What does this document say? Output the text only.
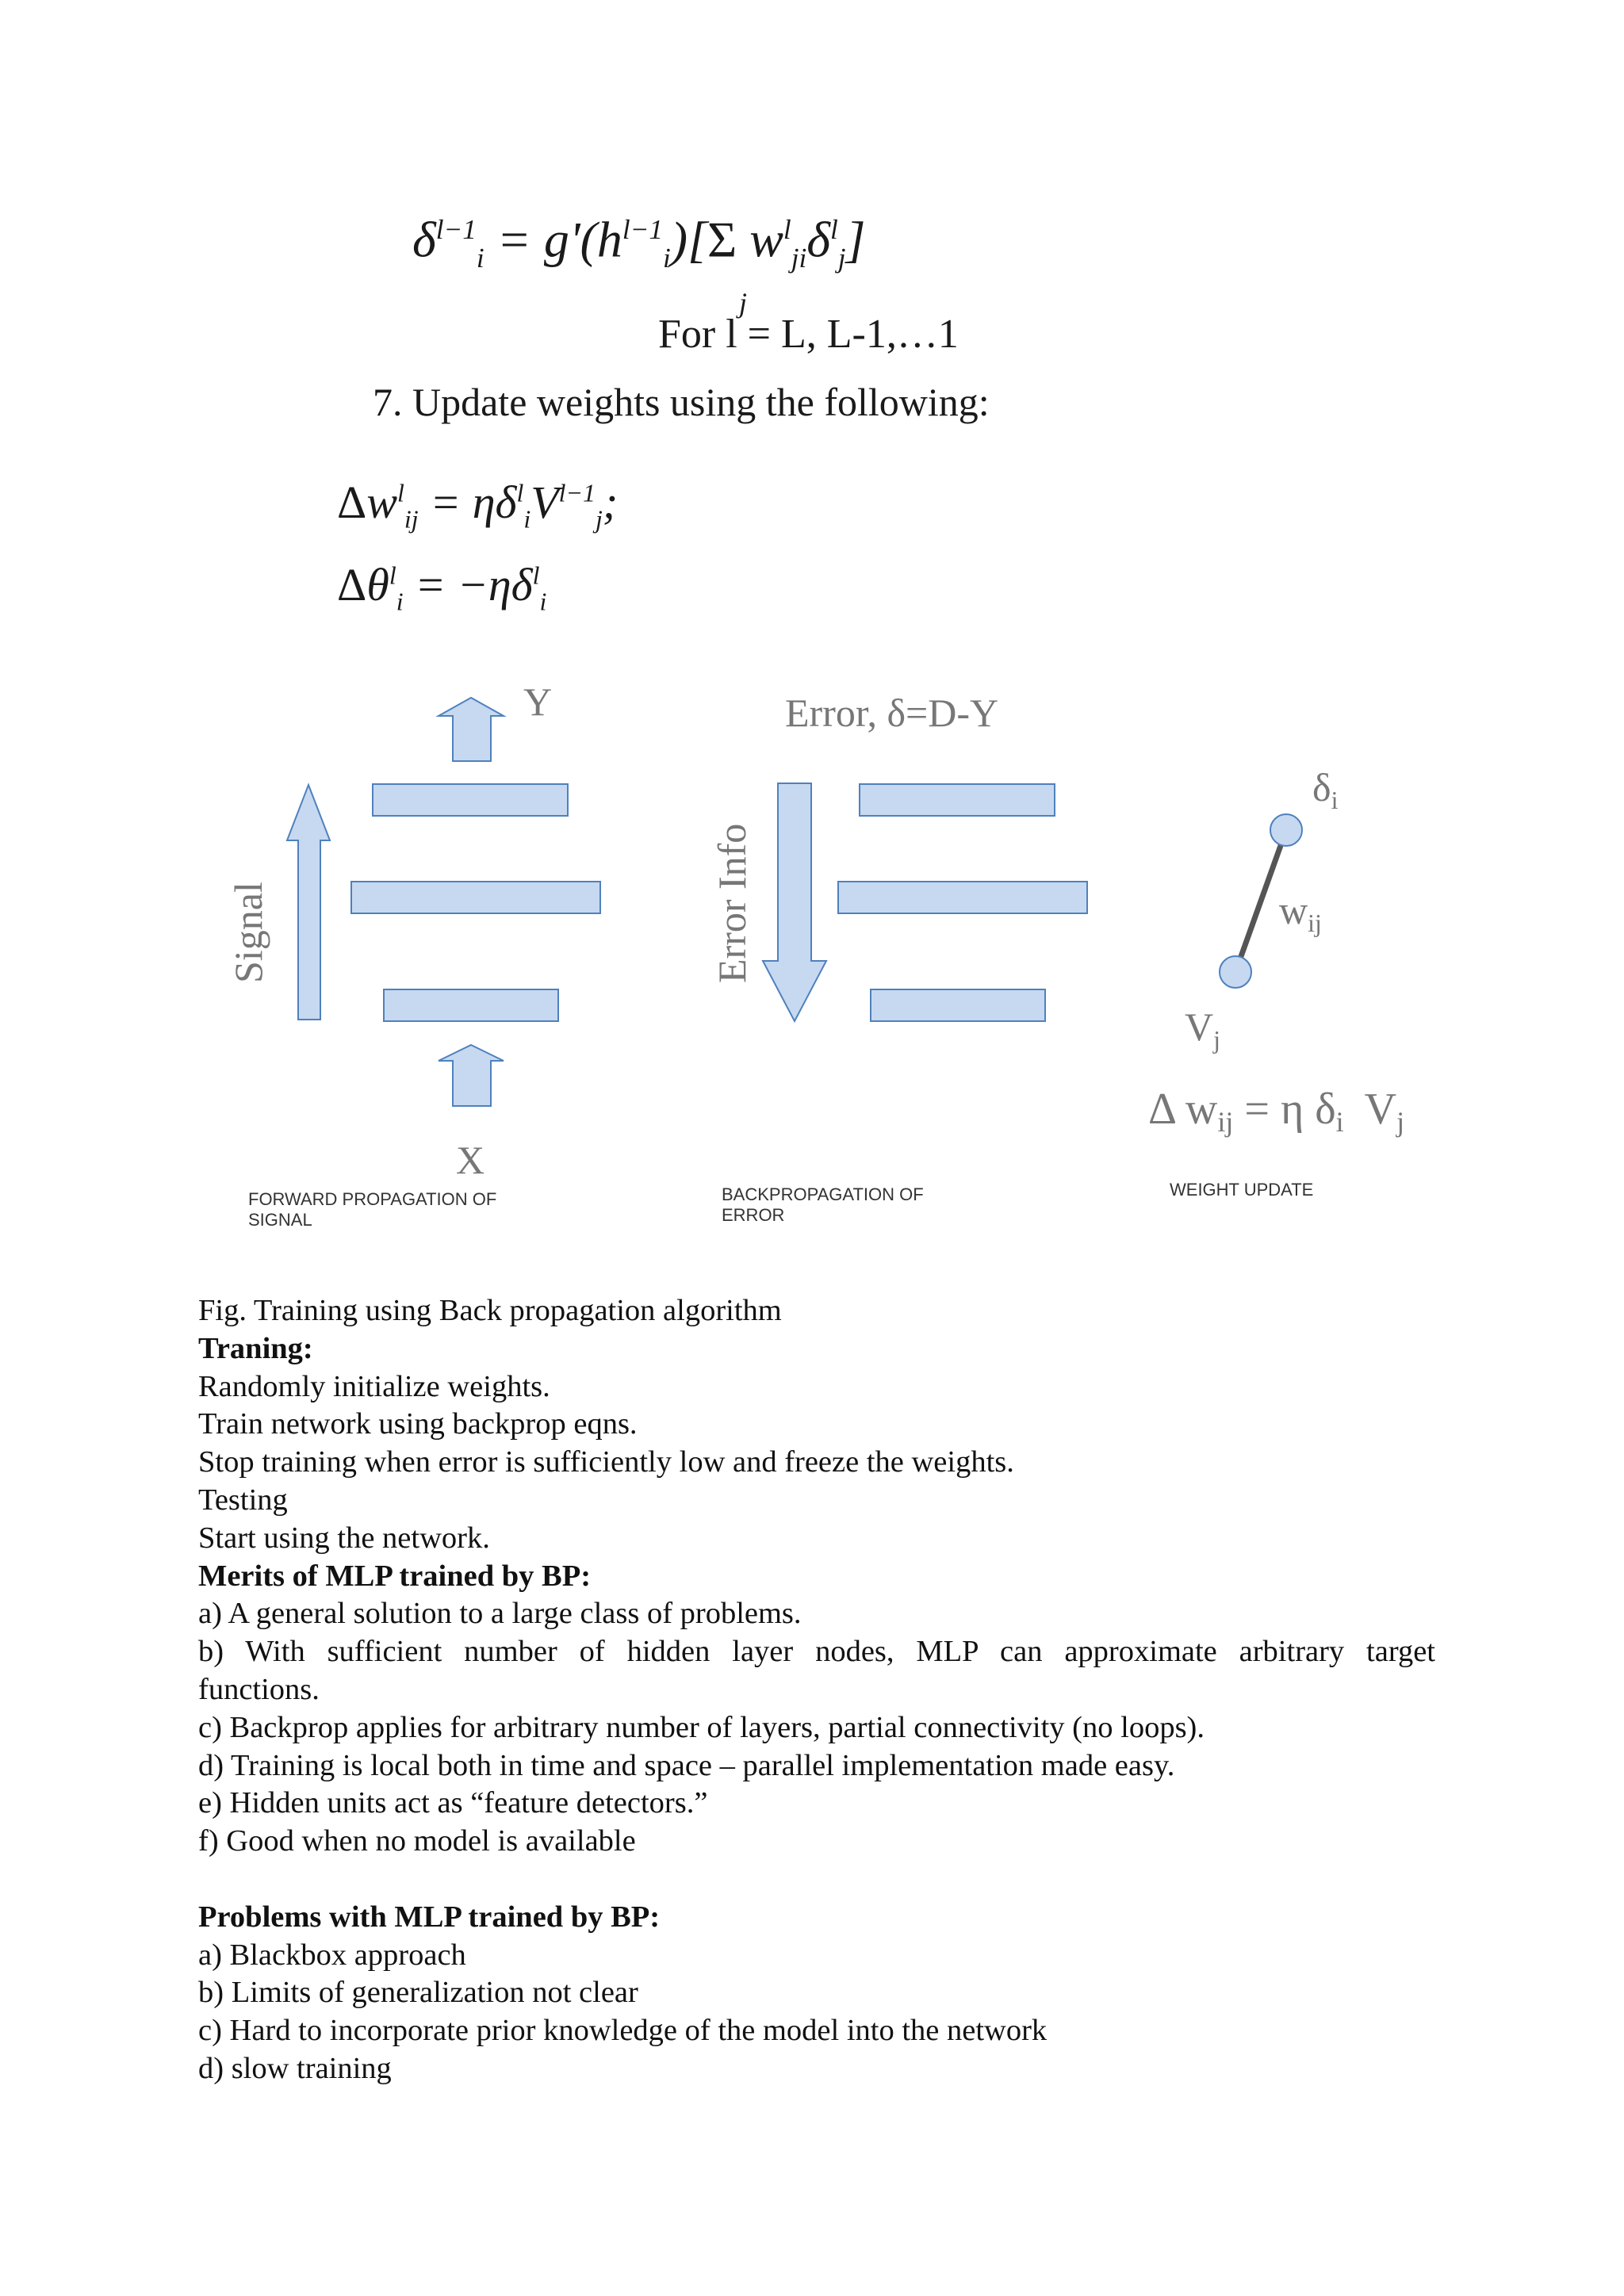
$\delta^{l-1}_i = g'(h^{l-1}_i)[\Sigma$ $w^l_{ji}\delta^l_j$]
j
For l = L, L-1,…1
7. Update weights using the following:
$\Delta w^l_{ij} = \eta\delta^l_iV^{l-1}_j$;
$\Delta\theta^l_i = -\eta\delta^l_i$
Signal
Y
X
FORWARD PROPAGATION OF
SIGNAL
Error Info
Error, δ=D-Y
BACKPROPAGATION OF
ERROR
$\delta_i$
$w_{ij}$
$V_j$
Δ wij = η δi Vj
WEIGHT UPDATE

Fig. Training using Back propagation algorithm

Traning:

Randomly initialize weights.

Train network using backprop eqns.

Stop training when error is sufficiently low and freeze the weights.

Testing

Start using the network.

Merits of MLP trained by BP:

a) A general solution to a large class of problems.

b) With sufficient number of hidden layer nodes, MLP can approximate arbitrary target

functions.

c) Backprop applies for arbitrary number of layers, partial connectivity (no loops).

d) Training is local both in time and space – parallel implementation made easy.

e) Hidden units act as “feature detectors.”

f) Good when no model is available

Problems with MLP trained by BP:

a) Blackbox approach

b) Limits of generalization not clear

c) Hard to incorporate prior knowledge of the model into the network

d) slow training
